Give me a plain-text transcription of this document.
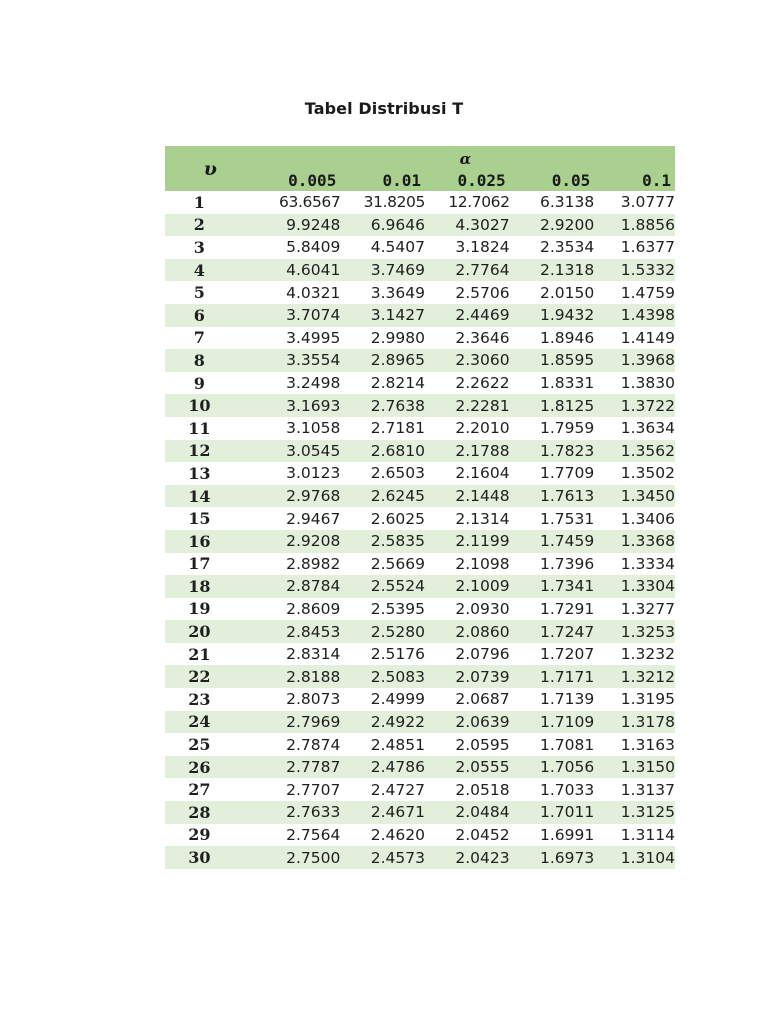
Tabel Distribusi T
υ	α				
	0.005	0.01	0.025	0.05	0.1
1	63.6567	31.8205	12.7062	6.3138	3.0777
2	9.9248	6.9646	4.3027	2.9200	1.8856
3	5.8409	4.5407	3.1824	2.3534	1.6377
4	4.6041	3.7469	2.7764	2.1318	1.5332
5	4.0321	3.3649	2.5706	2.0150	1.4759
6	3.7074	3.1427	2.4469	1.9432	1.4398
7	3.4995	2.9980	2.3646	1.8946	1.4149
8	3.3554	2.8965	2.3060	1.8595	1.3968
9	3.2498	2.8214	2.2622	1.8331	1.3830
10	3.1693	2.7638	2.2281	1.8125	1.3722
11	3.1058	2.7181	2.2010	1.7959	1.3634
12	3.0545	2.6810	2.1788	1.7823	1.3562
13	3.0123	2.6503	2.1604	1.7709	1.3502
14	2.9768	2.6245	2.1448	1.7613	1.3450
15	2.9467	2.6025	2.1314	1.7531	1.3406
16	2.9208	2.5835	2.1199	1.7459	1.3368
17	2.8982	2.5669	2.1098	1.7396	1.3334
18	2.8784	2.5524	2.1009	1.7341	1.3304
19	2.8609	2.5395	2.0930	1.7291	1.3277
20	2.8453	2.5280	2.0860	1.7247	1.3253
21	2.8314	2.5176	2.0796	1.7207	1.3232
22	2.8188	2.5083	2.0739	1.7171	1.3212
23	2.8073	2.4999	2.0687	1.7139	1.3195
24	2.7969	2.4922	2.0639	1.7109	1.3178
25	2.7874	2.4851	2.0595	1.7081	1.3163
26	2.7787	2.4786	2.0555	1.7056	1.3150
27	2.7707	2.4727	2.0518	1.7033	1.3137
28	2.7633	2.4671	2.0484	1.7011	1.3125
29	2.7564	2.4620	2.0452	1.6991	1.3114
30	2.7500	2.4573	2.0423	1.6973	1.3104
